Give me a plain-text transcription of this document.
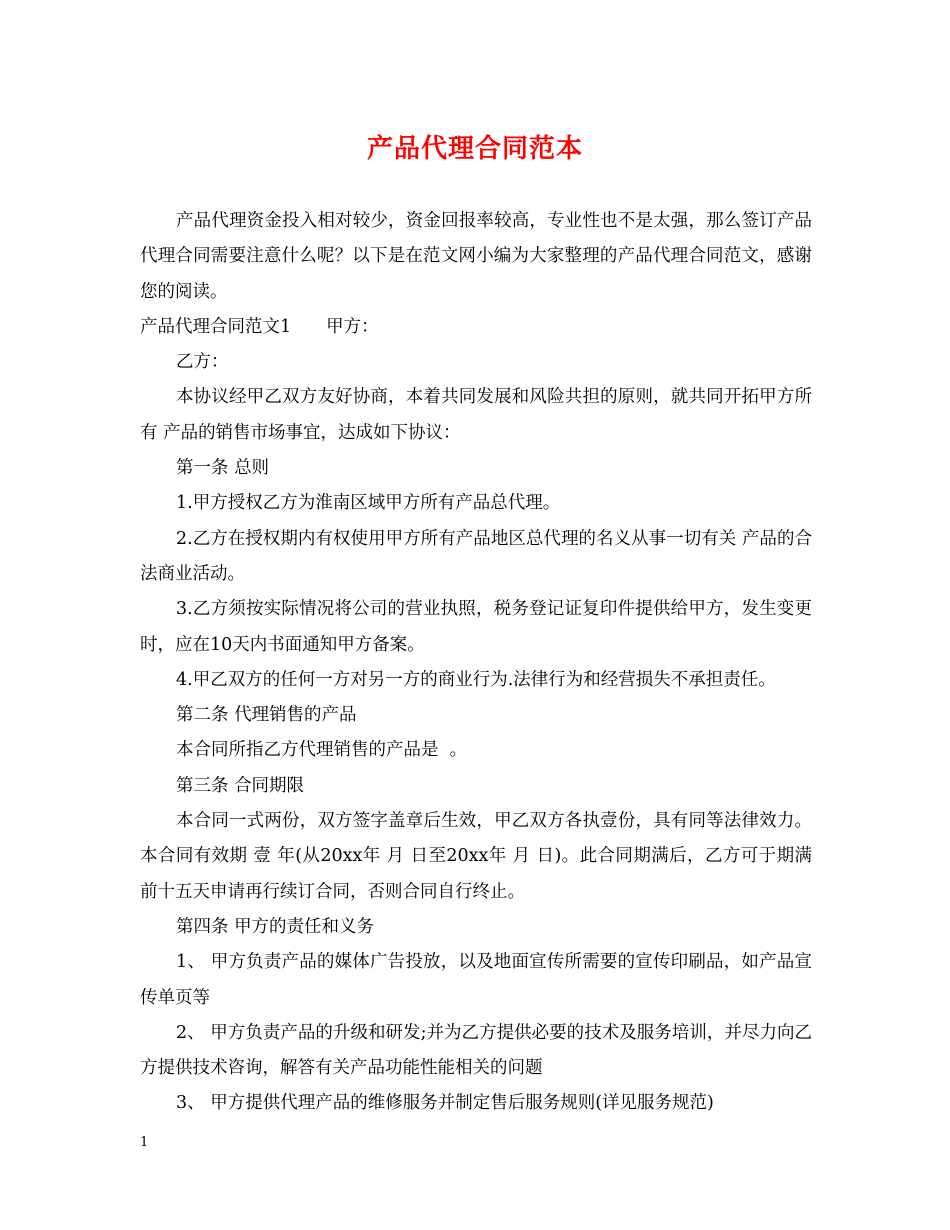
产品代理合同范本

产品代理资金投入相对较少，资金回报率较高，专业性也不是太强，那么签订产品代理合同需要注意什么呢？以下是在范文网小编为大家整理的产品代理合同范文，感谢您的阅读。

产品代理合同范文1　　甲方：

乙方：

本协议经甲乙双方友好协商，本着共同发展和风险共担的原则，就共同开拓甲方所有 产品的销售市场事宜，达成如下协议：

第一条 总则

1.甲方授权乙方为淮南区域甲方所有产品总代理。

2.乙方在授权期内有权使用甲方所有产品地区总代理的名义从事一切有关 产品的合法商业活动。

3.乙方须按实际情况将公司的营业执照，税务登记证复印件提供给甲方，发生变更时，应在10天内书面通知甲方备案。

4.甲乙双方的任何一方对另一方的商业行为.法律行为和经营损失不承担责任。

第二条 代理销售的产品

本合同所指乙方代理销售的产品是  。

第三条 合同期限

本合同一式两份，双方签字盖章后生效，甲乙双方各执壹份，具有同等法律效力。本合同有效期 壹 年(从20xx年 月 日至20xx年 月 日)。此合同期满后，乙方可于期满前十五天申请再行续订合同，否则合同自行终止。

第四条 甲方的责任和义务

1、 甲方负责产品的媒体广告投放，以及地面宣传所需要的宣传印刷品，如产品宣传单页等

2、 甲方负责产品的升级和研发;并为乙方提供必要的技术及服务培训，并尽力向乙方提供技术咨询，解答有关产品功能性能相关的问题

3、 甲方提供代理产品的维修服务并制定售后服务规则(详见服务规范)

1
